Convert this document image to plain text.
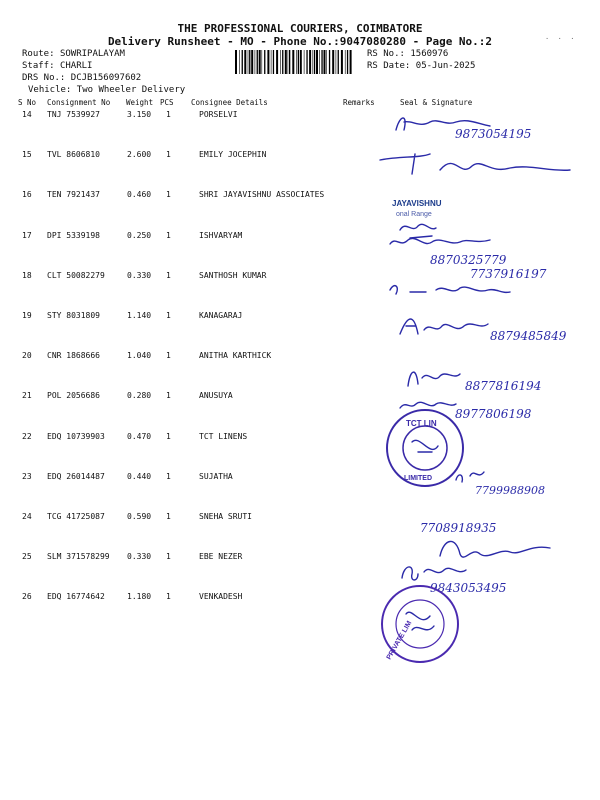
THE PROFESSIONAL COURIERS, COIMBATORE
Delivery Runsheet - MO - Phone No.:9047080280 - Page No.:2	·  ·  ·
Route: SOWRIPALAYAM
Staff: CHARLI
DRS No.: DCJB156097602
Vehicle: Two Wheeler Delivery
RS No.: 1560976
RS Date: 05-Jun-2025
S No Consignment No Weight PCS Consignee Details	Remarks	Seal & Signature
14 TNJ 7539927	3.150 1	PORSELVI
15 TVL 8606810	2.600 1	EMILY JOCEPHIN
16 TEN 7921437	0.460 1	SHRI JAYAVISHNU ASSOCIATES
17 DPI 5339198	0.250 1	ISHVARYAM
18 CLT 50082279	0.330 1	SANTHOSH KUMAR
19 STY 8031809	1.140 1	KANAGARAJ
20 CNR 1868666	1.040 1	ANITHA KARTHICK
21 POL 2056686	0.280 1	ANUSUYA
22 EDQ 10739903	0.470 1	TCT LINENS
23 EDQ 26014487	0.440 1	SUJATHA
24 TCG 41725087	0.590 1	SNEHA SRUTI
25 SLM 371578299 0.330 1	EBE NEZER
26 EDQ 16774642	1.180 1	VENKADESH
9873054195
JAYAVISHNU
onal Range
8870325779
7737916197
8879485849
8877816194
8977806198
TCT LIN
LIMITED
7799988908
7708918935
9843053495
PRIVATE LIM
